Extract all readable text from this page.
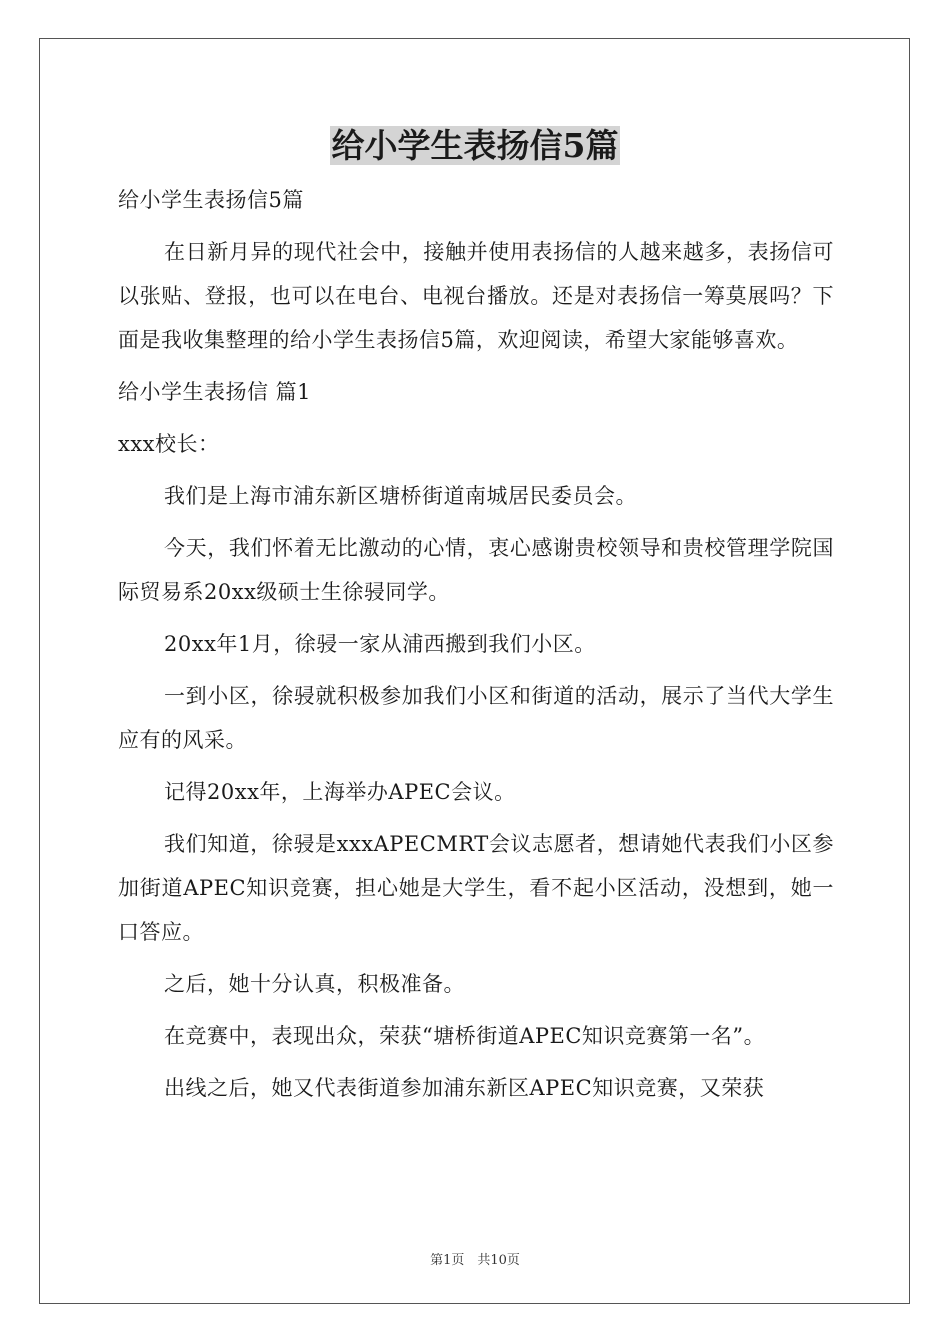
给小学生表扬信5篇

给小学生表扬信5篇

在日新月异的现代社会中，接触并使用表扬信的人越来越多，表扬信可以张贴、登报，也可以在电台、电视台播放。还是对表扬信一筹莫展吗？下面是我收集整理的给小学生表扬信5篇，欢迎阅读，希望大家能够喜欢。

给小学生表扬信 篇1

xxx校长：

我们是上海市浦东新区塘桥街道南城居民委员会。

今天，我们怀着无比激动的心情，衷心感谢贵校领导和贵校管理学院国际贸易系20xx级硕士生徐骎同学。

20xx年1月，徐骎一家从浦西搬到我们小区。

一到小区，徐骎就积极参加我们小区和街道的活动，展示了当代大学生应有的风采。

记得20xx年，上海举办APEC会议。

我们知道，徐骎是xxxAPECMRT会议志愿者，想请她代表我们小区参加街道APEC知识竞赛，担心她是大学生，看不起小区活动，没想到，她一口答应。

之后，她十分认真，积极准备。

在竞赛中，表现出众，荣获“塘桥街道APEC知识竞赛第一名”。

出线之后，她又代表街道参加浦东新区APEC知识竞赛，又荣获

第1页　共10页
